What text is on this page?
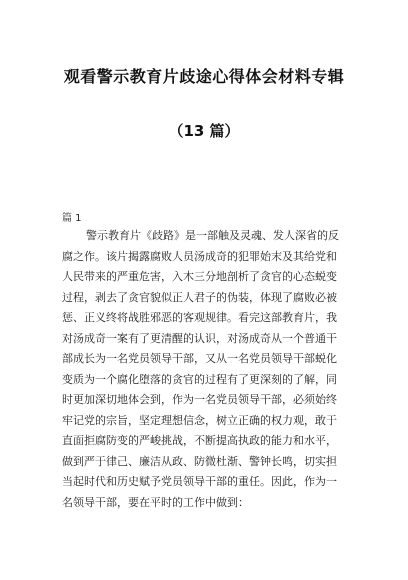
观看警示教育片歧途心得体会材料专辑
（13 篇）
篇 1
警示教育片《歧路》是一部触及灵魂、发人深省的反
腐之作。该片揭露腐败人员汤成奇的犯罪始末及其给党和
人民带来的严重危害，入木三分地剖析了贪官的心态蜕变
过程，剥去了贪官貌似正人君子的伪装，体现了腐败必被
惩、正义终将战胜邪恶的客观规律。看完这部教育片，我
对汤成奇一案有了更清醒的认识，对汤成奇从一个普通干
部成长为一名党员领导干部，又从一名党员领导干部蜕化
变质为一个腐化堕落的贪官的过程有了更深刻的了解，同
时更加深切地体会到，作为一名党员领导干部，必须始终
牢记党的宗旨，坚定理想信念，树立正确的权力观，敢于
直面拒腐防变的严峻挑战，不断提高执政的能力和水平，
做到严于律己、廉洁从政、防微杜渐、警钟长鸣，切实担
当起时代和历史赋予党员领导干部的重任。因此，作为一
名领导干部，要在平时的工作中做到：
